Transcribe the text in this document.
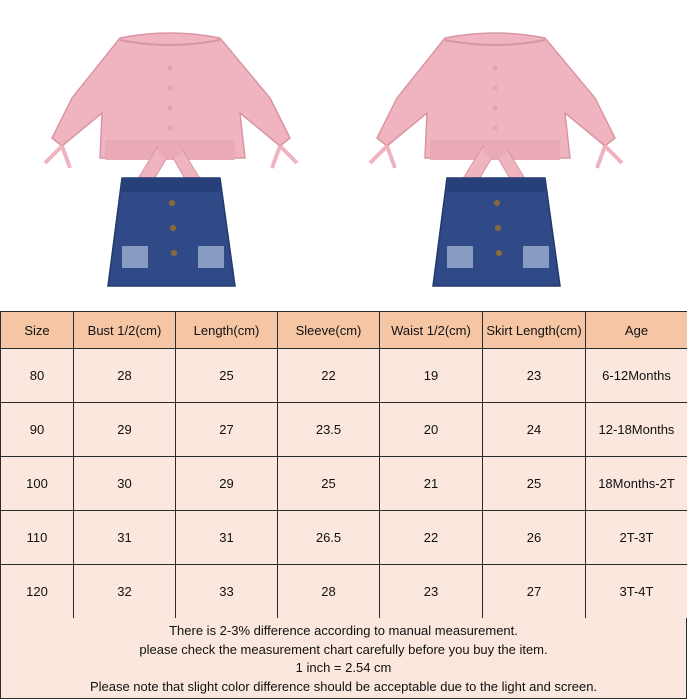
Size	Bust 1/2(cm)	Length(cm)	Sleeve(cm)	Waist 1/2(cm)	Skirt Length(cm)	Age
80	28	25	22	19	23	6-12Months
90	29	27	23.5	20	24	12-18Months
100	30	29	25	21	25	18Months-2T
110	31	31	26.5	22	26	2T-3T
120	32	33	28	23	27	3T-4T

There is 2-3% difference according to manual measurement.

please check the measurement chart carefully before you buy the item.

1 inch = 2.54 cm

Please note that slight color difference should be acceptable due to the light and screen.
